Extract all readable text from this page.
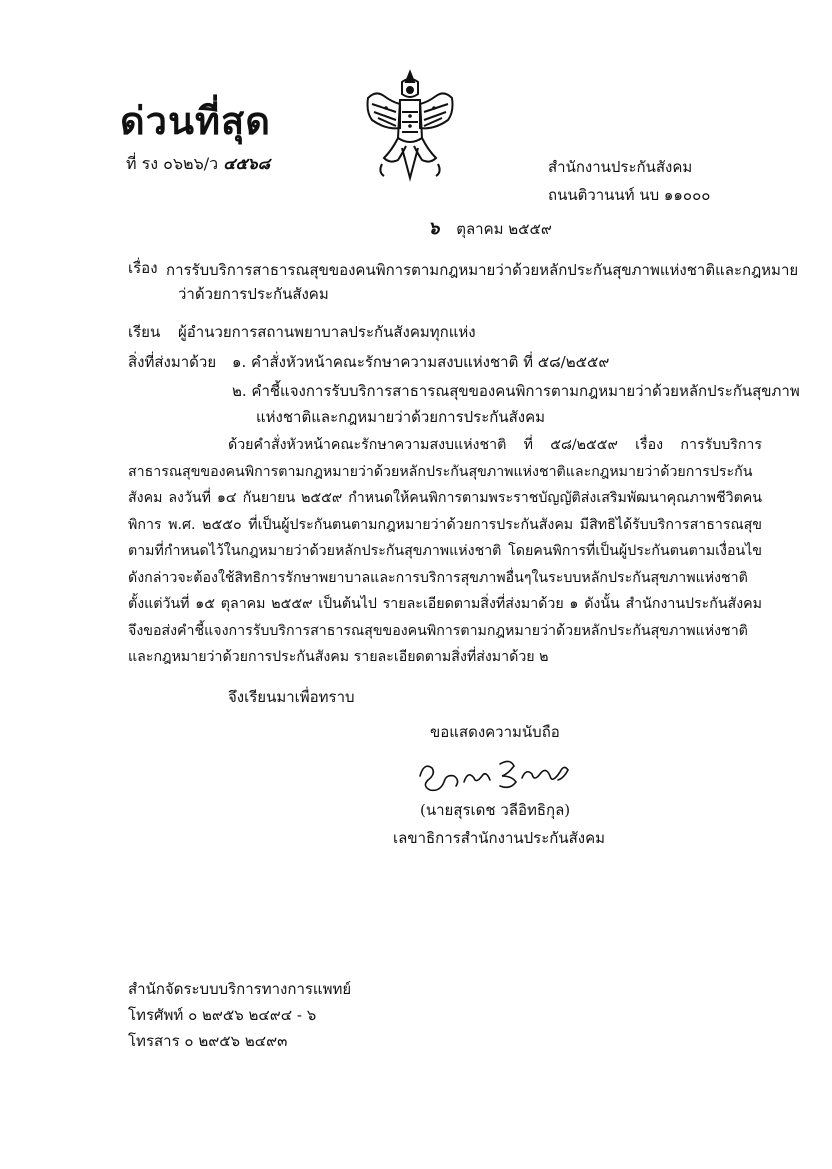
ด่วนที่สุด
ที่ รง ๐๖๒๖/ว ๔๕๖๘	สำนักงานประกันสังคม
ถนนติวานนท์ นบ ๑๑๐๐๐
๖ ตุลาคม ๒๕๕๙
เรื่อง การรับบริการสาธารณสุขของคนพิการตามกฎหมายว่าด้วยหลักประกันสุขภาพแห่งชาติและกฎหมาย
ว่าด้วยการประกันสังคม
เรียน ผู้อำนวยการสถานพยาบาลประกันสังคมทุกแห่ง
สิ่งที่ส่งมาด้วย ๑. คำสั่งหัวหน้าคณะรักษาความสงบแห่งชาติ ที่ ๕๘/๒๕๕๙
๒. คำชี้แจงการรับบริการสาธารณสุขของคนพิการตามกฎหมายว่าด้วยหลักประกันสุขภาพ
แห่งชาติและกฎหมายว่าด้วยการประกันสังคม
ด้วยคำสั่งหัวหน้าคณะรักษาความสงบแห่งชาติ ที่ ๕๘/๒๕๕๙ เรื่อง การรับบริการสาธารณสุขของคนพิการตามกฎหมายว่าด้วยหลักประกันสุขภาพแห่งชาติและกฎหมายว่าด้วยการประกันสังคม ลงวันที่ ๑๔ กันยายน ๒๕๕๙ กำหนดให้คนพิการตามพระราชบัญญัติส่งเสริมพัฒนาคุณภาพชีวิตคนพิการ พ.ศ. ๒๕๕๐ ที่เป็นผู้ประกันตนตามกฎหมายว่าด้วยการประกันสังคม มีสิทธิได้รับบริการสาธารณสุขตามที่กำหนดไว้ในกฎหมายว่าด้วยหลักประกันสุขภาพแห่งชาติ โดยคนพิการที่เป็นผู้ประกันตนตามเงื่อนไขดังกล่าวจะต้องใช้สิทธิการรักษาพยาบาลและการบริการสุขภาพอื่นๆในระบบหลักประกันสุขภาพแห่งชาติ ตั้งแต่วันที่ ๑๕ ตุลาคม ๒๕๕๙ เป็นต้นไป รายละเอียดตามสิ่งที่ส่งมาด้วย ๑ ดังนั้น สำนักงานประกันสังคมจึงขอส่งคำชี้แจงการรับบริการสาธารณสุขของคนพิการตามกฎหมายว่าด้วยหลักประกันสุขภาพแห่งชาติและกฎหมายว่าด้วยการประกันสังคม รายละเอียดตามสิ่งที่ส่งมาด้วย ๒
จึงเรียนมาเพื่อทราบ
ขอแสดงความนับถือ
(นายสุรเดช วลีอิทธิกุล)
เลขาธิการสำนักงานประกันสังคม
สำนักจัดระบบบริการทางการแพทย์
โทรศัพท์ ๐ ๒๙๕๖ ๒๔๙๔ - ๖
โทรสาร ๐ ๒๙๕๖ ๒๔๙๓
